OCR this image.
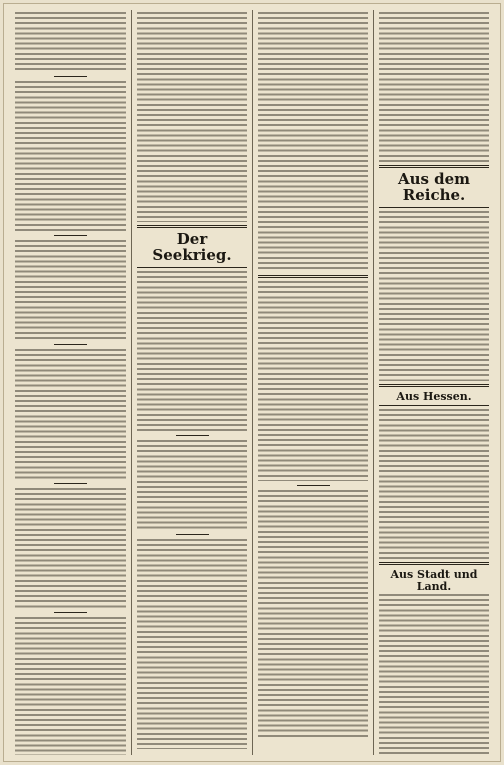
Der Seekrieg.
Aus dem Reiche.
Aus Hessen.
Aus Stadt und Land.
